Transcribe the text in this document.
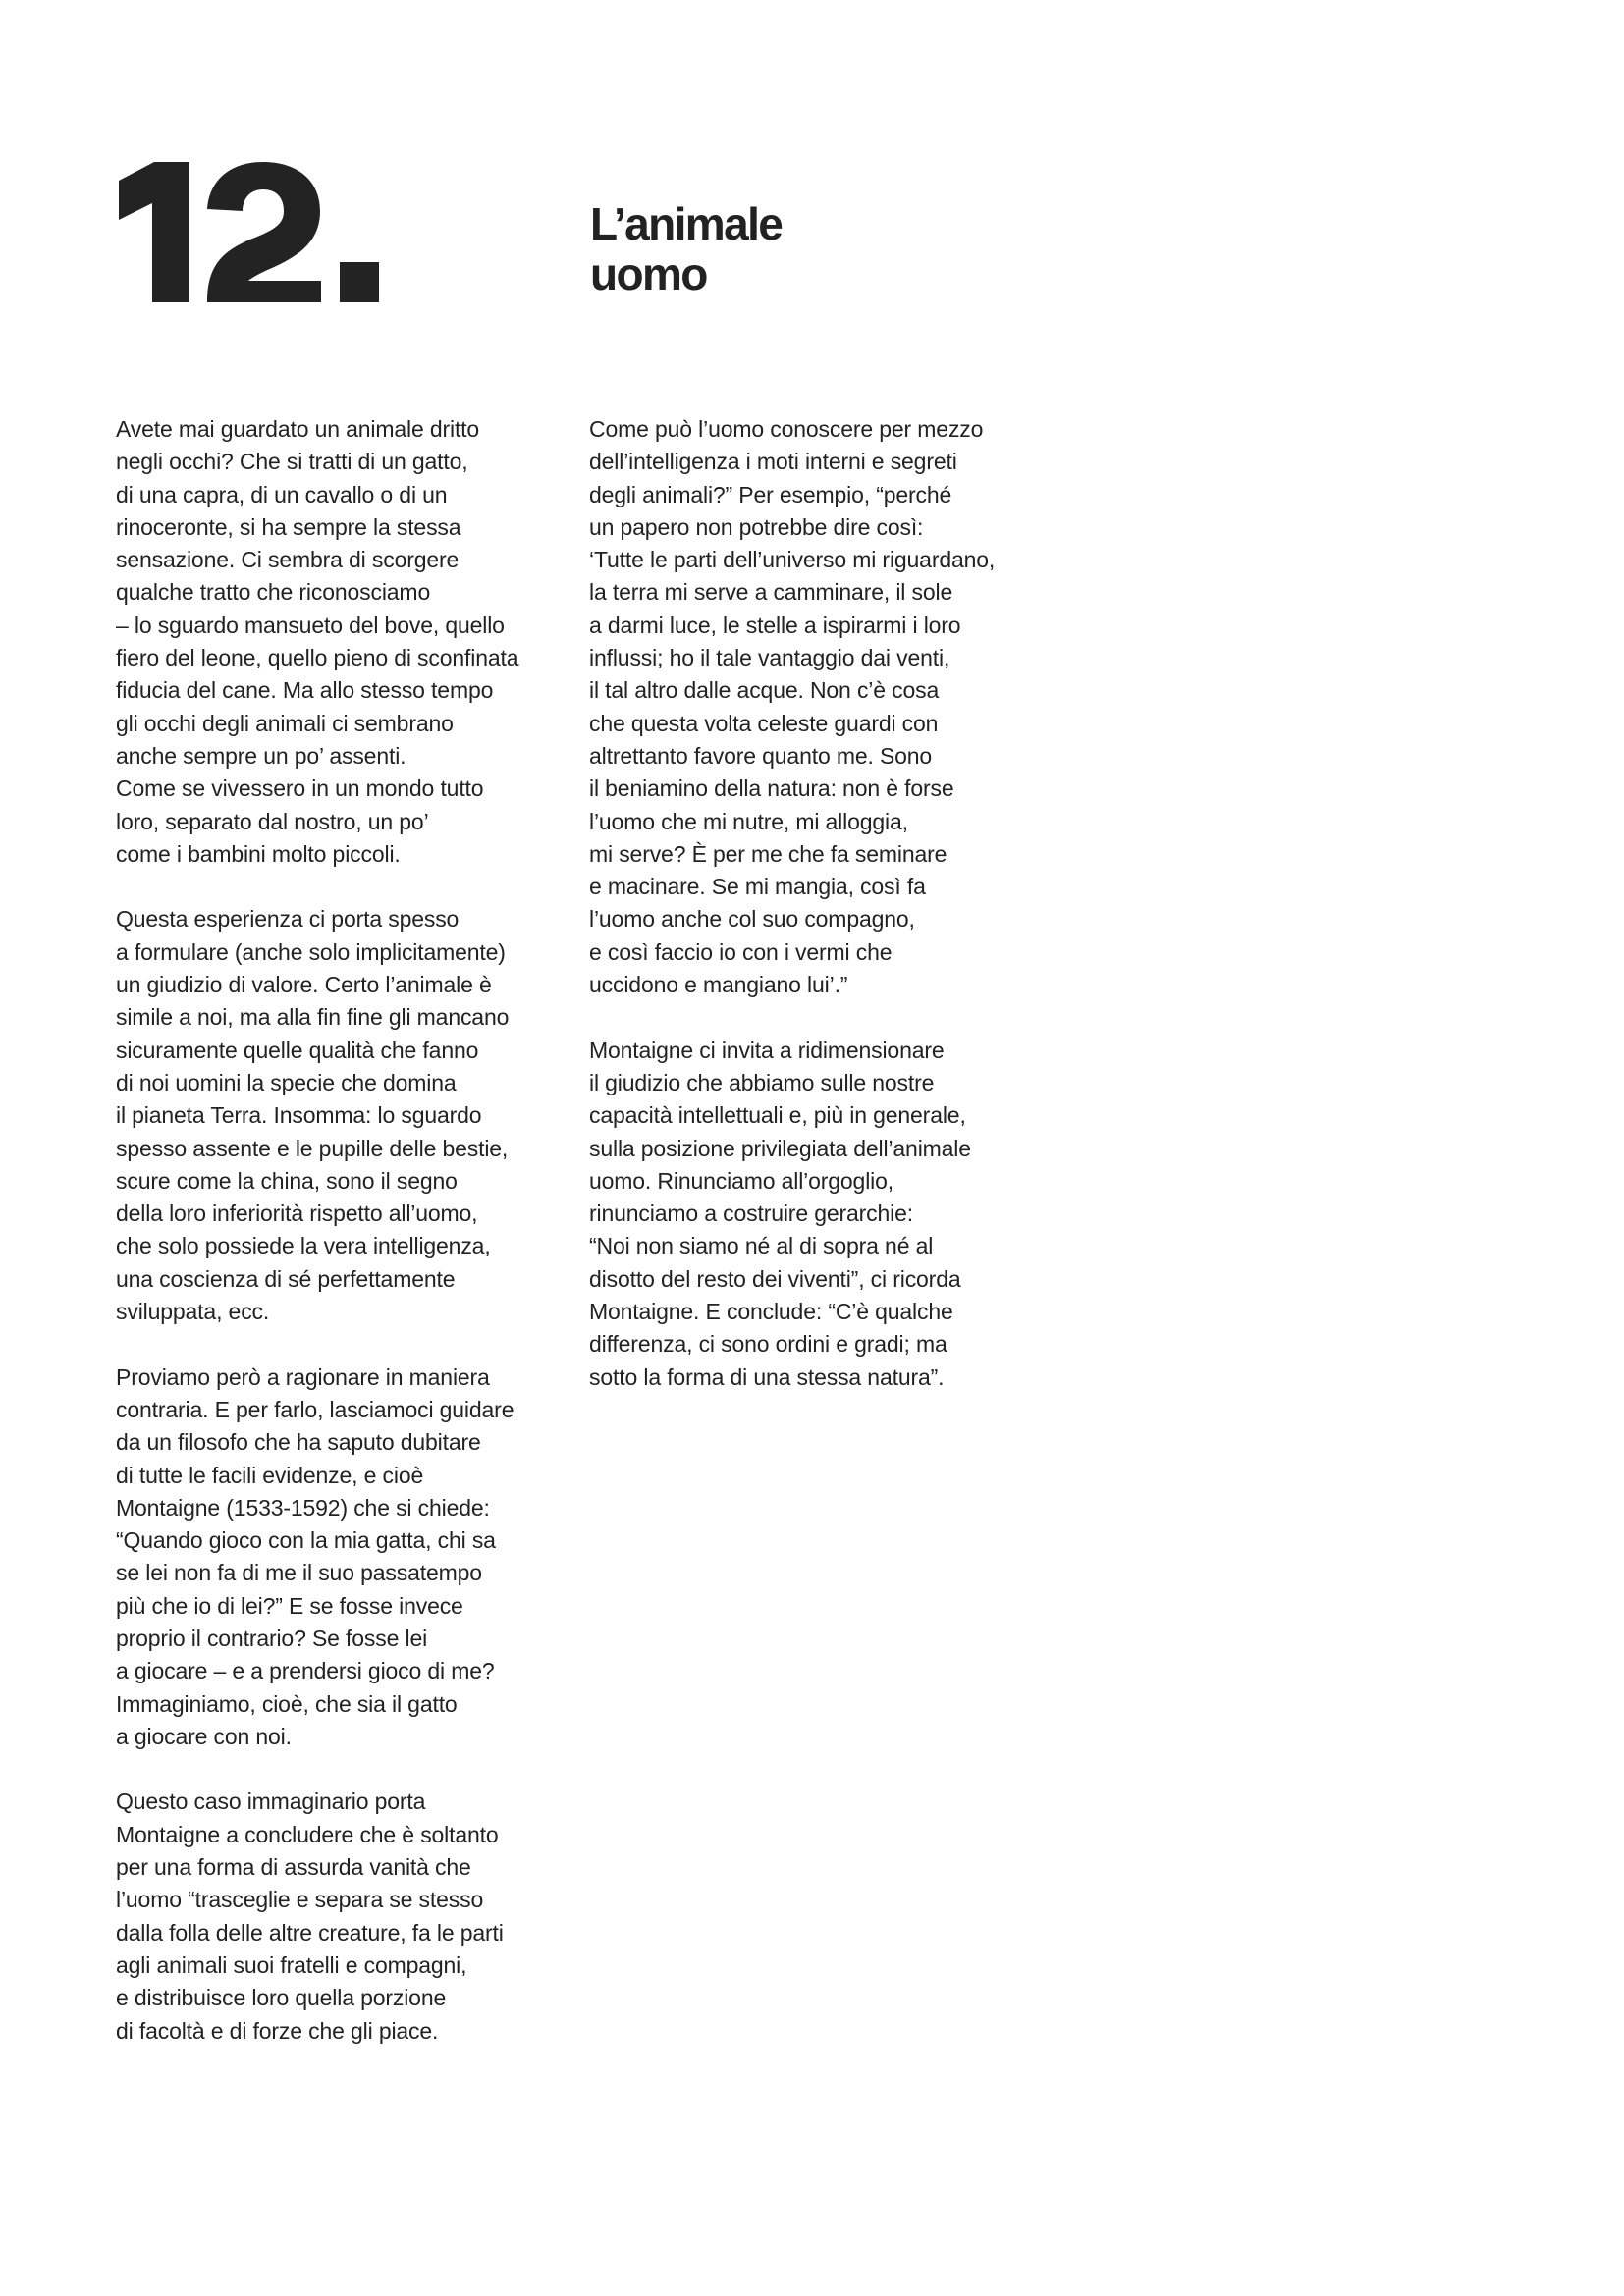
L’animale
uomo

Avete mai guardato un animale dritto
negli occhi? Che si tratti di un gatto,
di una capra, di un cavallo o di un
rinoceronte, si ha sempre la stessa
sensazione. Ci sembra di scorgere
qualche tratto che riconosciamo
– lo sguardo mansueto del bove, quello
fiero del leone, quello pieno di sconfinata
fiducia del cane. Ma allo stesso tempo
gli occhi degli animali ci sembrano
anche sempre un po’ assenti.
Come se vivessero in un mondo tutto
loro, separato dal nostro, un po’
come i bambini molto piccoli.

Questa esperienza ci porta spesso
a formulare (anche solo implicitamente)
un giudizio di valore. Certo l’animale è
simile a noi, ma alla fin fine gli mancano
sicuramente quelle qualità che fanno
di noi uomini la specie che domina
il pianeta Terra. Insomma: lo sguardo
spesso assente e le pupille delle bestie,
scure come la china, sono il segno
della loro inferiorità rispetto all’uomo,
che solo possiede la vera intelligenza,
una coscienza di sé perfettamente
sviluppata, ecc.

Proviamo però a ragionare in maniera
contraria. E per farlo, lasciamoci guidare
da un filosofo che ha saputo dubitare
di tutte le facili evidenze, e cioè
Montaigne (1533-1592) che si chiede:
“Quando gioco con la mia gatta, chi sa
se lei non fa di me il suo passatempo
più che io di lei?” E se fosse invece
proprio il contrario? Se fosse lei
a giocare – e a prendersi gioco di me?
Immaginiamo, cioè, che sia il gatto
a giocare con noi.

Questo caso immaginario porta
Montaigne a concludere che è soltanto
per una forma di assurda vanità che
l’uomo “trasceglie e separa se stesso
dalla folla delle altre creature, fa le parti
agli animali suoi fratelli e compagni,
e distribuisce loro quella porzione
di facoltà e di forze che gli piace.

Come può l’uomo conoscere per mezzo
dell’intelligenza i moti interni e segreti
degli animali?” Per esempio, “perché
un papero non potrebbe dire così:
‘Tutte le parti dell’universo mi riguardano,
la terra mi serve a camminare, il sole
a darmi luce, le stelle a ispirarmi i loro
influssi; ho il tale vantaggio dai venti,
il tal altro dalle acque. Non c’è cosa
che questa volta celeste guardi con
altrettanto favore quanto me. Sono
il beniamino della natura: non è forse
l’uomo che mi nutre, mi alloggia,
mi serve? È per me che fa seminare
e macinare. Se mi mangia, così fa
l’uomo anche col suo compagno,
e così faccio io con i vermi che
uccidono e mangiano lui’.”

Montaigne ci invita a ridimensionare
il giudizio che abbiamo sulle nostre
capacità intellettuali e, più in generale,
sulla posizione privilegiata dell’animale
uomo. Rinunciamo all’orgoglio,
rinunciamo a costruire gerarchie:
“Noi non siamo né al di sopra né al
disotto del resto dei viventi”, ci ricorda
Montaigne. E conclude: “C’è qualche
differenza, ci sono ordini e gradi; ma
sotto la forma di una stessa natura”.
